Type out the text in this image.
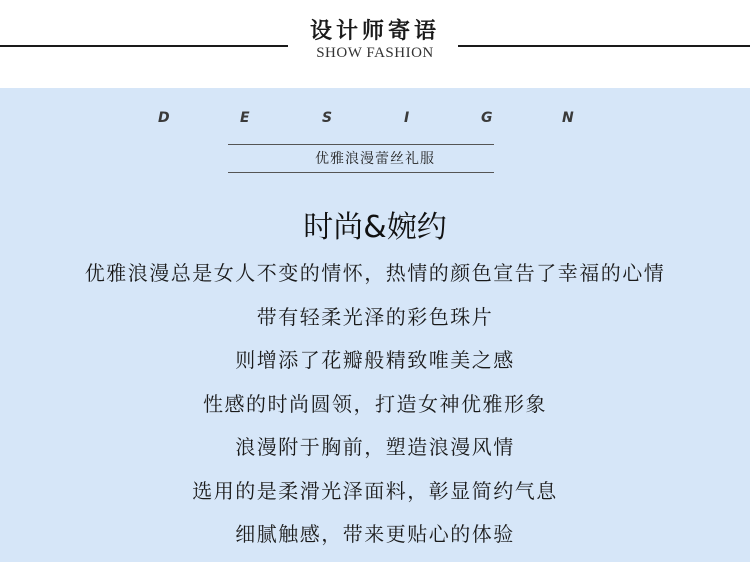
设计师寄语
SHOW FASHION
D	E	S	I	G	N
优雅浪漫蕾丝礼服
时尚&婉约
优雅浪漫总是女人不变的情怀，热情的颜色宣告了幸福的心情
带有轻柔光泽的彩色珠片
则增添了花瓣般精致唯美之感
性感的时尚圆领，打造女神优雅形象
浪漫附于胸前，塑造浪漫风情
选用的是柔滑光泽面料，彰显简约气息
细腻触感，带来更贴心的体验
